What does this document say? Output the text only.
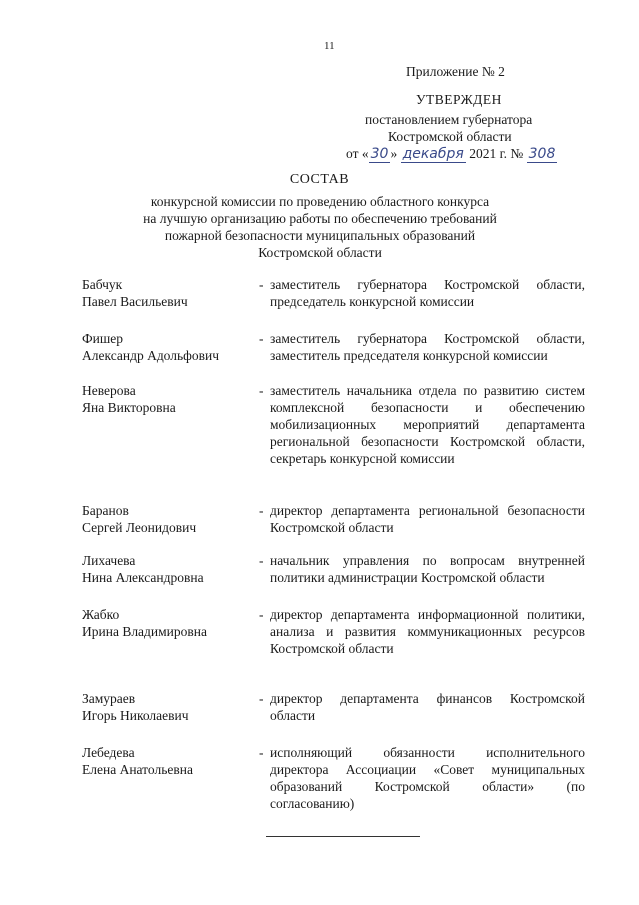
11
Приложение № 2
УТВЕРЖДЕН
постановлением губернатора
Костромской области
от « 30 » декабря 2021 г. № 308
СОСТАВ
конкурсной комиссии по проведению областного конкурса
на лучшую организацию работы по обеспечению требований
пожарной безопасности муниципальных образований
Костромской области
Бабчук
Павел Васильевич
- заместитель губернатора Костромской области, председатель конкурсной комиссии
Фишер
Александр Адольфович
- заместитель губернатора Костромской области, заместитель председателя конкурсной комиссии
Неверова
Яна Викторовна
- заместитель начальника отдела по развитию систем комплексной безопасности и обеспечению мобилизационных мероприятий департамента региональной безопасности Костромской области, секретарь конкурсной комиссии
Баранов
Сергей Леонидович
- директор департамента региональной безопасности Костромской области
Лихачева
Нина Александровна
- начальник управления по вопросам внутренней политики администрации Костромской области
Жабко
Ирина Владимировна
- директор департамента информационной политики, анализа и развития коммуникационных ресурсов Костромской области
Замураев
Игорь Николаевич
- директор департамента финансов Костромской области
Лебедева
Елена Анатольевна
- исполняющий обязанности исполнительного директора Ассоциации «Совет муниципальных образований Костромской области» (по согласованию)
